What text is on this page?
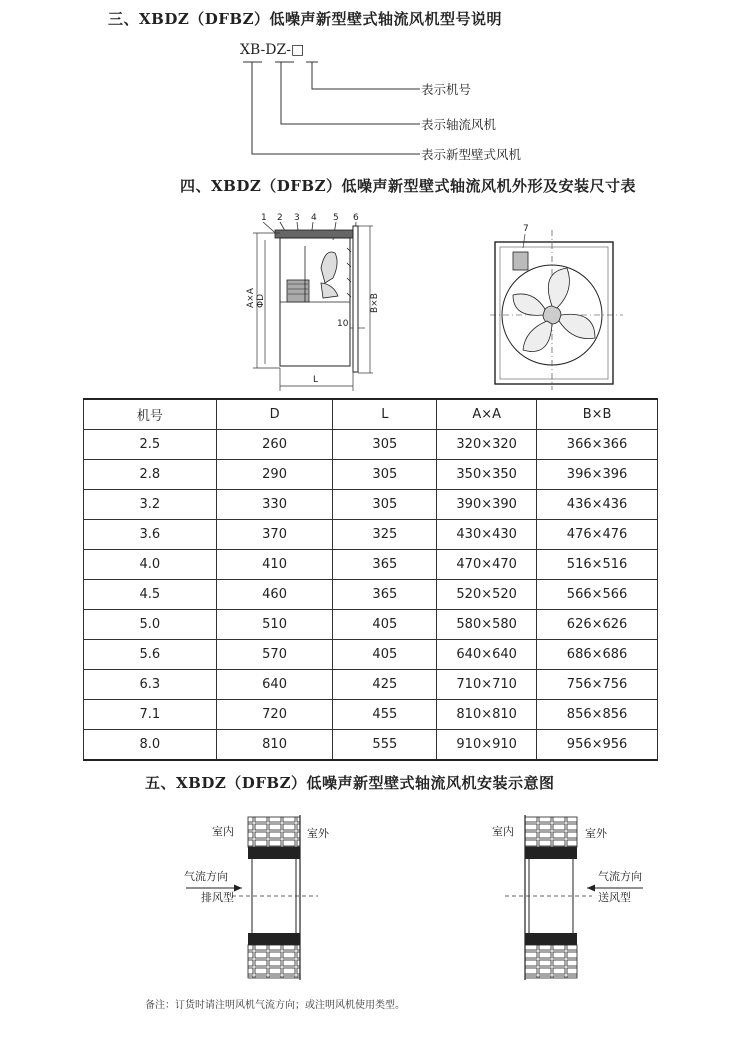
三、XBDZ（DFBZ）低噪声新型壁式轴流风机型号说明
XB-DZ-□
表示机号
表示轴流风机
表示新型壁式风机
四、XBDZ（DFBZ）低噪声新型壁式轴流风机外形及安装尺寸表
1 2 3 4 5 6
A×A ΦD	B×B
10
L
7
机号	D	L	A×A	B×B
2.5	260	305	320×320	366×366
2.8	290	305	350×350	396×396
3.2	330	305	390×390	436×436
3.6	370	325	430×430	476×476
4.0	410	365	470×470	516×516
4.5	460	365	520×520	566×566
5.0	510	405	580×580	626×626
5.6	570	405	640×640	686×686
6.3	640	425	710×710	756×756
7.1	720	455	810×810	856×856
8.0	810	555	910×910	956×956
五、XBDZ（DFBZ）低噪声新型壁式轴流风机安装示意图
室内	室外
气流方向
排风型
室内	室外
气流方向
送风型
备注：订货时请注明风机气流方向；或注明风机使用类型。
